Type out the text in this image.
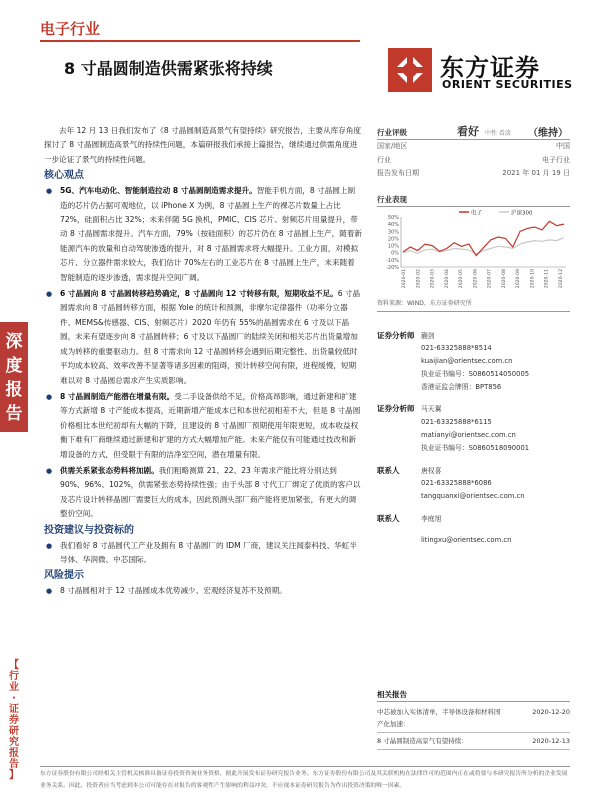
电子行业
8 寸晶圆制造供需紧张将持续	东方证券
ORIENT SECURITIES
深
度
报
告
【
行
业
·
证
券
研
究
报
告
】

去年 12 月 13 日我们发布了《8 寸晶圆制造高景气有望持续》研究报告，主要从库存角度探讨了 8 寸晶圆制造高景气的持续性问题，本篇研报我们承接上篇报告，继续通过供需角度进一步论证了景气的持续性问题。

核心观点
● 5G、汽车电动化、智能制造拉动 8 寸晶圆制造需求提升。智能手机方面，8 寸晶圆上制造的芯片仍占据可观地位，以 iPhone X 为例，8 寸晶圆上生产的裸芯片数量上占比 72%，硅面积占比 32%；未来伴随 5G 换机，PMIC、CIS 芯片、射频芯片用量提升，带动 8 寸晶圆需求提升。汽车方面，79%（按硅面积）的芯片仍在 8 寸晶圆上生产，随着新能源汽车的放量和自动驾驶渗透的提升，对 8 寸晶圆需求将大幅提升。工业方面，对模拟芯片、分立器件需求较大，我们估计 70%左右的工业芯片在 8 寸晶圆上生产，未来随着智能制造的逐步渗透，需求提升空间广阔。
● 6 寸晶圆向 8 寸晶圆转移趋势确定，8 寸晶圆向 12 寸转移有限，短期收益不足。6 寸晶圆需求向 8 寸晶圆转移方面，根据 Yole 的统计和预测，非摩尔定律器件（功率分立器件、MEMS&传感器、CIS、射频芯片）2020 年仍有 55%的晶圆需求在 6 寸及以下晶圆，未来有望逐步向 8 寸晶圆转移；6 寸及以下晶圆厂的陆续关闭和相关芯片出货量增加成为转移的重要驱动力。但 8 寸需求向 12 寸晶圆转移会遇到后期完整性、出货量较低时平均成本较高、效率改善不显著等诸多因素的阻碍，预计转移空间有限，进程缓慢，短期难以对 8 寸晶圆总需求产生实质影响。
● 8 寸晶圆制造产能潜在增量有限。受二手设备供给不足，价格高昂影响，通过新建和扩建等方式新增 8 寸产能成本提高，近期新增产能成本已和本世纪初相差不大，但是 8 寸晶圆价格相比本世纪初却有大幅的下降，且建设的 8 寸晶圆厂预期使用年限更短，成本收益权衡下难有厂商继续通过新建和扩建的方式大幅增加产能。未来产能仅有可能通过技改和新增设备的方式，但受限于有限的洁净室空间，潜在增量有限。
● 供需关系紧张态势料将加剧。我们粗略测算 21、22、23 年需求产能比将分别达到 90%、96%、102%，供需紧张态势持续性强；由于头部 8 寸代工厂绑定了优质的客户以及芯片设计转移晶圆厂需要巨大的成本，因此预测头部厂商产能将更加紧张，有更大的调整价空间。
投资建议与投资标的
● 我们看好 8 寸晶圆代工产业及拥有 8 寸晶圆厂的 IDM 厂商，建议关注闻泰科技、华虹半导体、华润微、中芯国际。
风险提示
● 8 寸晶圆相对于 12 寸晶圆成本优势减少、宏观经济复苏不及预期。
行业评级	看好 中性 看淡 （维持）
国家/地区	中国
行业	电子行业
报告发布日期	2021 年 01 月 19 日
行业表现
电子	沪深300
50%
40%
30%
20%
10%
0%
-10%
-20%
2020-01 2020-02 2020-03 2020-04 2020-05 2020-06 2020-07 2020-08 2020-09 2020-10 2020-11 2020-12
资料来源：WIND、东方证券研究所
证券分析师 蒯剑
021-63325888*8514
kuaijian@orientsec.com.cn
执业证书编号：S0860514050005
香港证监会牌照：BPT856
证券分析师 马天翼
021-63325888*6115
matianyi@orientsec.com.cn
执业证书编号：S0860518090001
联系人	唐权喜
021-63325888*6086
tangquanxi@orientsec.com.cn
联系人	李庭旭
litingxu@orientsec.com.cn
相关报告
中芯被加入实体清单，半导体设备和材料国	2020-12-20
产化加速：
8 寸晶圆制造高景气有望持续：	2020-12-13
东方证券股份有限公司经相关主管机关核准具备证券投资咨询业务资格，据此开展发布证券研究报告业务。东方证券股份有限公司及其关联机构在法律许可的范围内正在或将要与本研究报告所分析的企业发展业务关系。因此，投资者应当考虑到本公司可能存在对报告的客观性产生影响的利益冲突，不应视本证券研究报告为作出投资决策的唯一因素。
